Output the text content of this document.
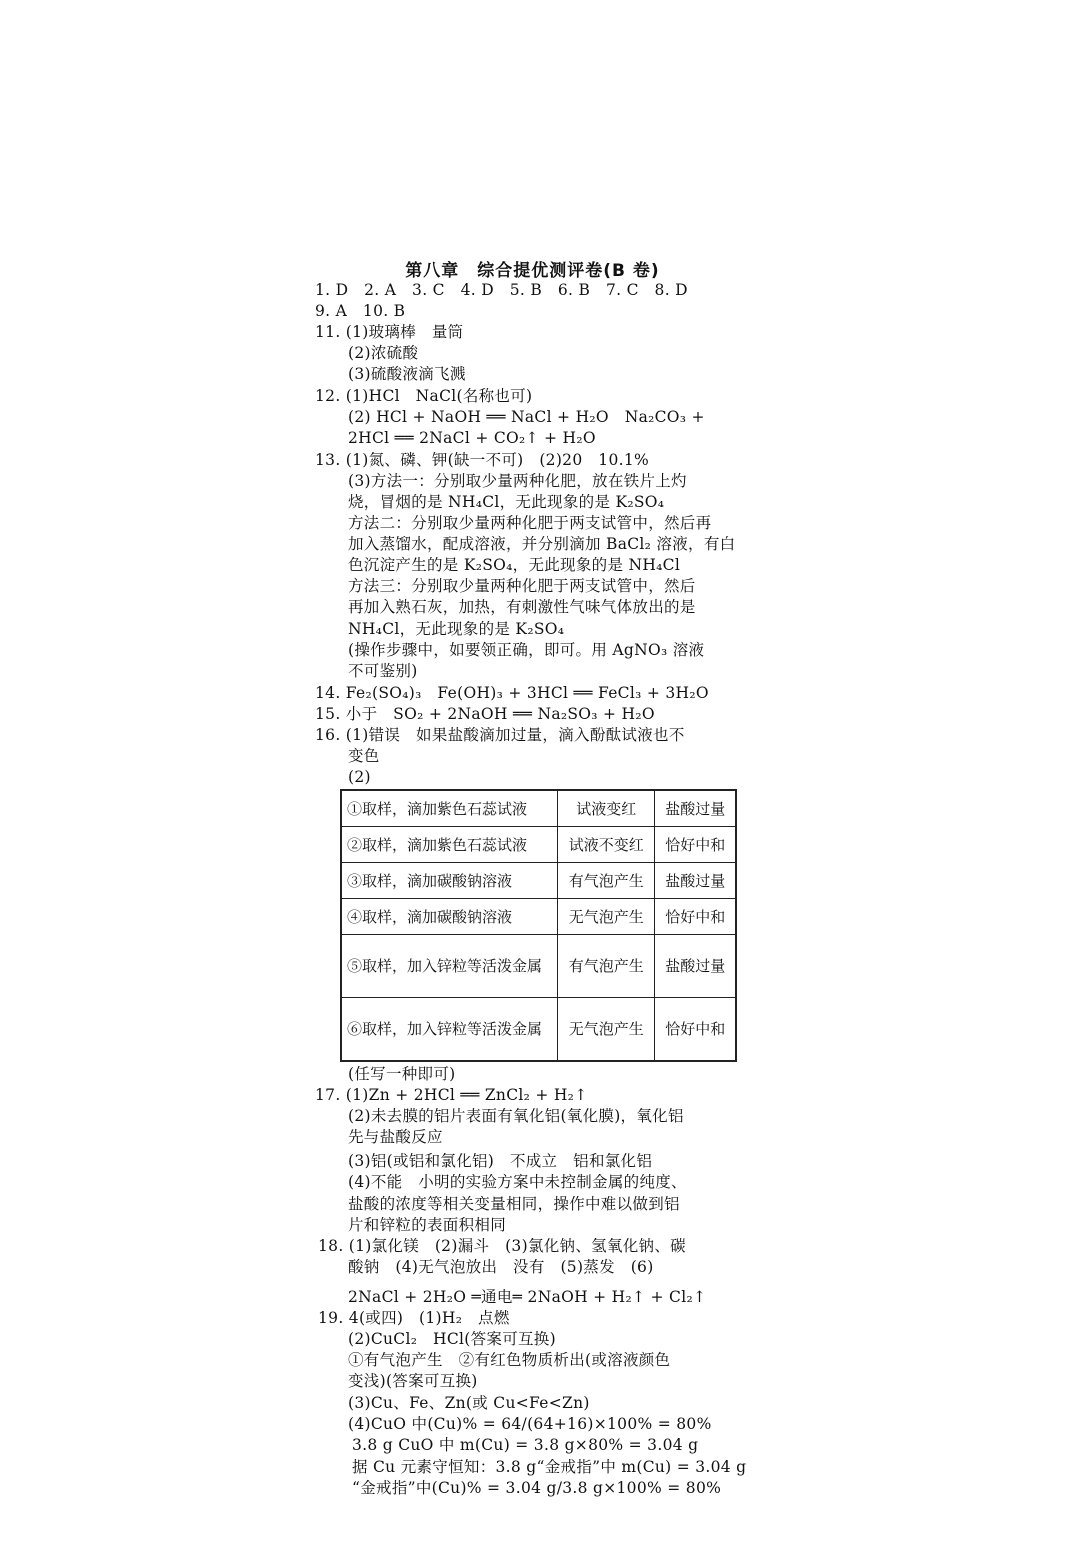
第八章　综合提优测评卷(B 卷)
1. D　2. A　3. C　4. D　5. B　6. B　7. C　8. D
9. A　10. B
11. (1)玻璃棒　量筒
(2)浓硫酸
(3)硫酸液滴飞溅
12. (1)HCl　NaCl(名称也可)
(2) HCl + NaOH ══ NaCl + H₂O　Na₂CO₃ +
2HCl ══ 2NaCl + CO₂↑ + H₂O
13. (1)氮、磷、钾(缺一不可)　(2)20　10.1%
(3)方法一：分别取少量两种化肥，放在铁片上灼
烧，冒烟的是 NH₄Cl，无此现象的是 K₂SO₄
方法二：分别取少量两种化肥于两支试管中，然后再
加入蒸馏水，配成溶液，并分别滴加 BaCl₂ 溶液，有白
色沉淀产生的是 K₂SO₄，无此现象的是 NH₄Cl
方法三：分别取少量两种化肥于两支试管中，然后
再加入熟石灰，加热，有刺激性气味气体放出的是
NH₄Cl，无此现象的是 K₂SO₄
(操作步骤中，如要领正确，即可。用 AgNO₃ 溶液
不可鉴别)
14. Fe₂(SO₄)₃　Fe(OH)₃ + 3HCl ══ FeCl₃ + 3H₂O
15. 小于　SO₂ + 2NaOH ══ Na₂SO₃ + H₂O
16. (1)错误　如果盐酸滴加过量，滴入酚酞试液也不
变色
(2)
①取样，滴加紫色石蕊试液	试液变红	盐酸过量
②取样，滴加紫色石蕊试液	试液不变红	恰好中和
③取样，滴加碳酸钠溶液	有气泡产生	盐酸过量
④取样，滴加碳酸钠溶液	无气泡产生	恰好中和
⑤取样，加入锌粒等活泼金属	有气泡产生	盐酸过量
⑥取样，加入锌粒等活泼金属	无气泡产生	恰好中和
(任写一种即可)
17. (1)Zn + 2HCl ══ ZnCl₂ + H₂↑
(2)未去膜的铝片表面有氧化铝(氧化膜)，氧化铝
先与盐酸反应
(3)铝(或铝和氯化铝)　不成立　铝和氯化铝
(4)不能　小明的实验方案中未控制金属的纯度、
盐酸的浓度等相关变量相同，操作中难以做到铝
片和锌粒的表面积相同
18. (1)氯化镁　(2)漏斗　(3)氯化钠、氢氧化钠、碳
酸钠　(4)无气泡放出　没有　(5)蒸发　(6)
2NaCl + 2H₂O ═通电═ 2NaOH + H₂↑ + Cl₂↑
19. 4(或四)　(1)H₂　点燃
(2)CuCl₂　HCl(答案可互换)
①有气泡产生　②有红色物质析出(或溶液颜色
变浅)(答案可互换)
(3)Cu、Fe、Zn(或 Cu<Fe<Zn)
(4)CuO 中(Cu)% = 64/(64+16)×100% = 80%
3.8 g CuO 中 m(Cu) = 3.8 g×80% = 3.04 g
据 Cu 元素守恒知：3.8 g“金戒指”中 m(Cu) = 3.04 g
“金戒指”中(Cu)% = 3.04 g/3.8 g×100% = 80%
